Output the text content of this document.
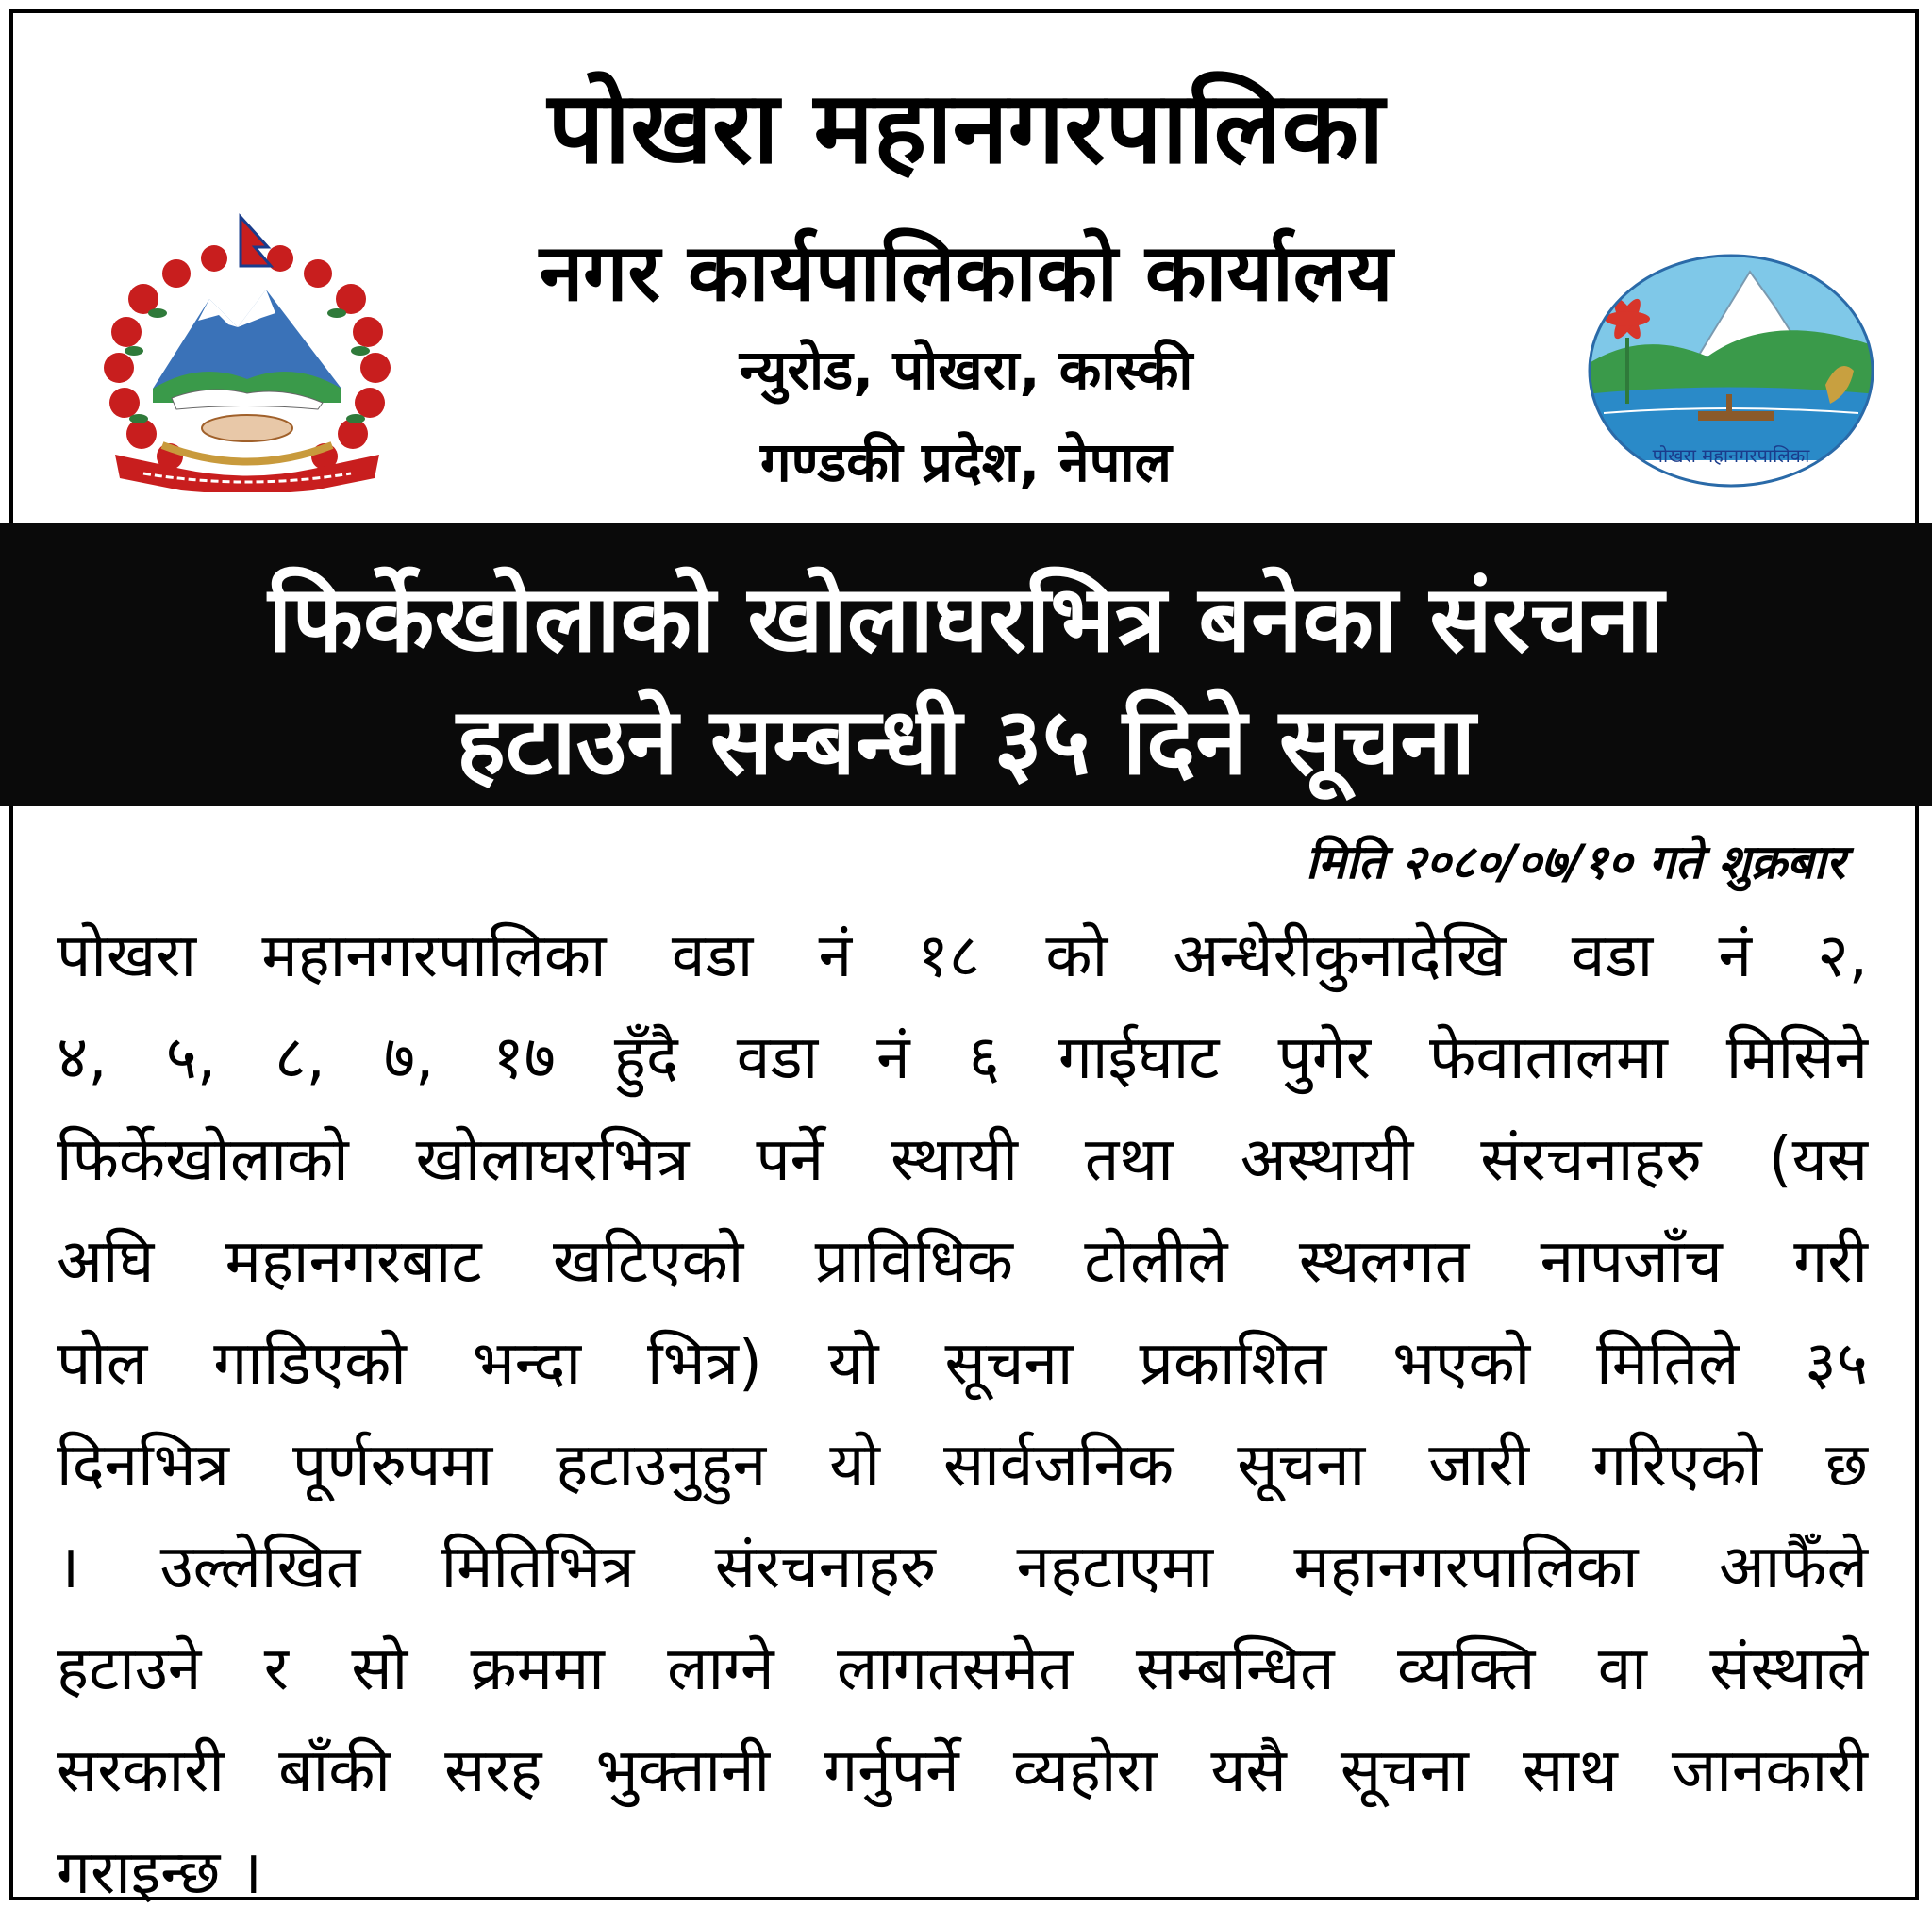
पोखरा महानगरपालिका
नगर कार्यपालिकाको कार्यालय
न्युरोड, पोखरा, कास्की
गण्डकी प्रदेश, नेपाल	पोखरा महानगरपालिका
फिर्केखोलाको खोलाघरभित्र बनेका संरचना
हटाउने सम्बन्धी ३५ दिने सूचना
मिति २०८०/०७/१० गते शुक्रबार
पोखरा महानगरपालिका वडा नं १८ को अन्धेरीकुनादेखि वडा नं २,
४, ५, ८, ७, १७ हुँदै वडा नं ६ गाईघाट पुगेर फेवातालमा मिसिने
फिर्केखोलाको खोलाघरभित्र पर्ने स्थायी तथा अस्थायी संरचनाहरु (यस
अघि महानगरबाट खटिएको प्राविधिक टोलीले स्थलगत नापजाँच गरी
पोल गाडिएको भन्दा भित्र) यो सूचना प्रकाशित भएको मितिले ३५
दिनभित्र पूर्णरुपमा हटाउनुहुन यो सार्वजनिक सूचना जारी गरिएको छ
। उल्लेखित मितिभित्र संरचनाहरु नहटाएमा महानगरपालिका आफैँले
हटाउने र सो क्रममा लाग्ने लागतसमेत सम्बन्धित व्यक्ति वा संस्थाले
सरकारी बाँकी सरह भुक्तानी गर्नुपर्ने व्यहोरा यसै सूचना साथ जानकारी
गराइन्छ ।
